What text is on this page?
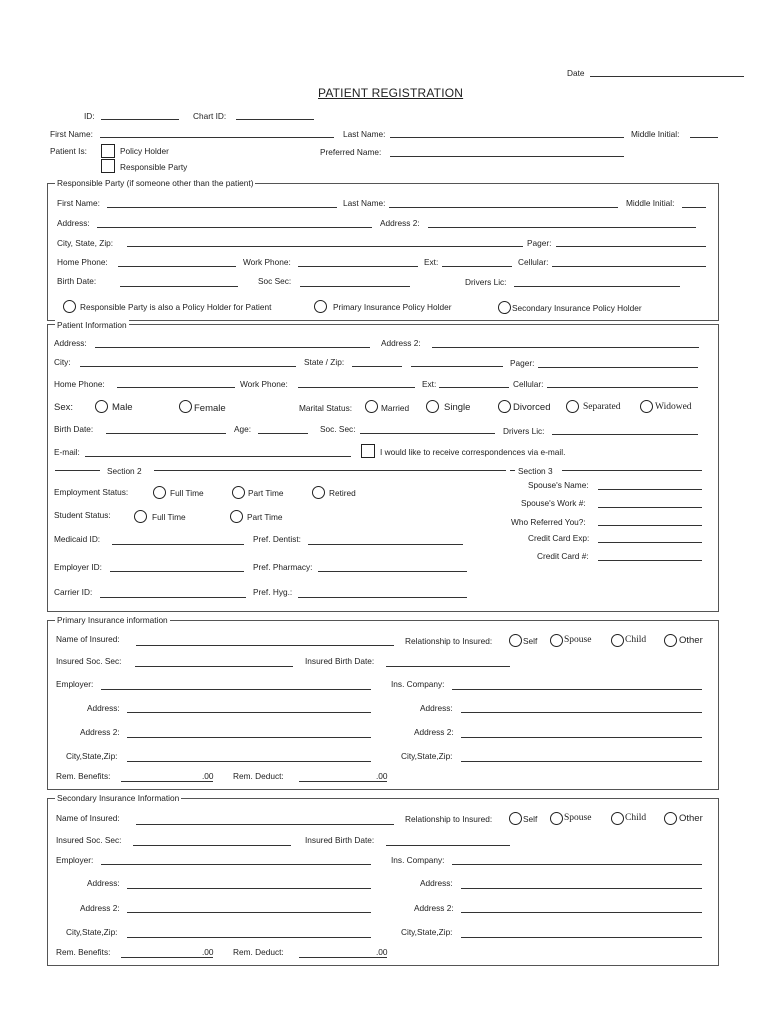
Date
PATIENT REGISTRATION
ID:	Chart ID:
First Name:	Last Name:	Middle Initial:
Patient Is:	Policy Holder
Responsible Party
Preferred Name:
Responsible Party (if someone other than the patient)
First Name:	Last Name:	Middle Initial:
Address:	Address 2:
City, State, Zip:	Pager:
Home Phone:	Work Phone:	Ext:	Cellular:
Birth Date:	Soc Sec:	Drivers Lic:
Responsible Party is also a Policy Holder for Patient	Primary Insurance Policy Holder	Secondary Insurance Policy Holder
Patient Information
Address:	Address 2:
City:	State / Zip:	Pager:
Home Phone:	Work Phone:	Ext:	Cellular:
Sex:	Male	Female	Marital Status:	Married	Single	Divorced	Separated	Widowed
Birth Date:	Age:	Soc. Sec:	Drivers Lic:
E-mail:	I would like to receive correspondences via e-mail.
Section 2
Employment Status:	Full Time	Part Time	Retired
Student Status:	Full Time	Part Time
Medicaid ID:	Pref. Dentist:
Employer ID:	Pref. Pharmacy:
Carrier ID:	Pref. Hyg.:
Section 3
Spouse's Name:
Spouse's Work #:
Who Referred You?:
Credit Card Exp:
Credit Card #:
Primary Insurance information
Name of Insured:	Relationship to Insured:	Self	Spouse	Child	Other
Insured Soc. Sec:	Insured Birth Date:
Employer:	Ins. Company:
Address:	Address:
Address 2:	Address 2:
City,State,Zip:	City,State,Zip:
Rem. Benefits:	.00 Rem. Deduct:	.00
Secondary Insurance Information
Name of Insured:	Relationship to Insured:	Self	Spouse	Child	Other
Insured Soc. Sec:	Insured Birth Date:
Employer:	Ins. Company:
Address:	Address:
Address 2:	Address 2:
City,State,Zip:	City,State,Zip:
Rem. Benefits:	.00 Rem. Deduct:	.00
